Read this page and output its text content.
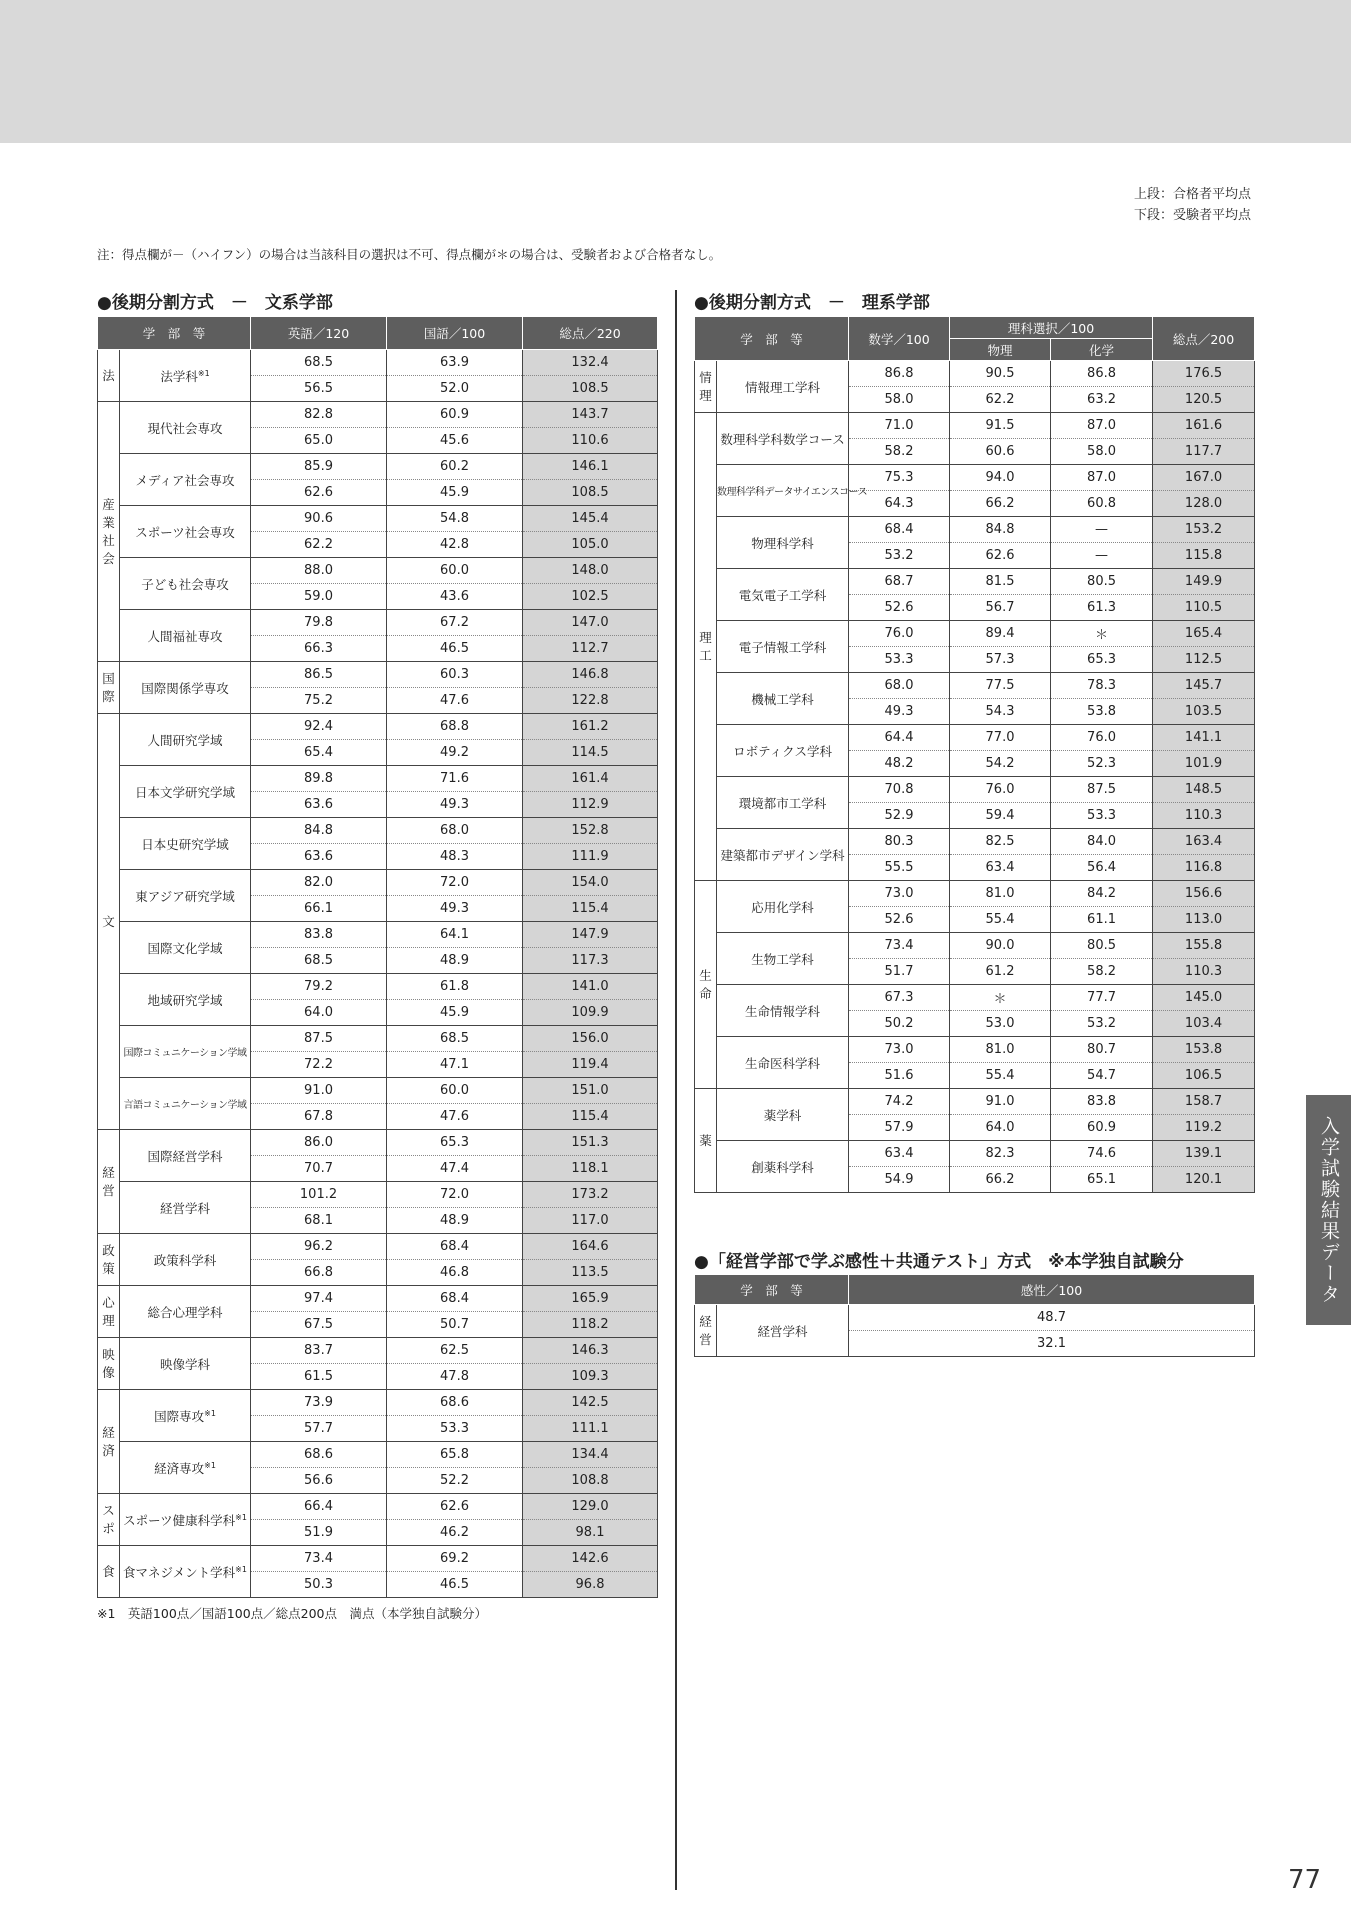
上段：合格者平均点
下段：受験者平均点
注：得点欄が－（ハイフン）の場合は当該科目の選択は不可、得点欄が＊の場合は、受験者および合格者なし。
●後期分割方式　－　文系学部
学　部　等		英語／120	国語／100	総点／220
法	法学科$^{※1}$	68.5	63.9	132.4
		56.5	52.0	108.5
産
業
社
会	現代社会専攻	82.8	60.9	143.7
		65.0	45.6	110.6
	メディア社会専攻	85.9	60.2	146.1
		62.6	45.9	108.5
	スポーツ社会専攻	90.6	54.8	145.4
		62.2	42.8	105.0
	子ども社会専攻	88.0	60.0	148.0
		59.0	43.6	102.5
	人間福祉専攻	79.8	67.2	147.0
		66.3	46.5	112.7
国
際	国際関係学専攻	86.5	60.3	146.8
		75.2	47.6	122.8
文	人間研究学域	92.4	68.8	161.2
		65.4	49.2	114.5
	日本文学研究学域	89.8	71.6	161.4
		63.6	49.3	112.9
	日本史研究学域	84.8	68.0	152.8
		63.6	48.3	111.9
	東アジア研究学域	82.0	72.0	154.0
		66.1	49.3	115.4
	国際文化学域	83.8	64.1	147.9
		68.5	48.9	117.3
	地域研究学域	79.2	61.8	141.0
		64.0	45.9	109.9
	国際コミュニケーション学域	87.5	68.5	156.0
		72.2	47.1	119.4
	言語コミュニケーション学域	91.0	60.0	151.0
		67.8	47.6	115.4
経
営	国際経営学科	86.0	65.3	151.3
		70.7	47.4	118.1
	経営学科	101.2	72.0	173.2
		68.1	48.9	117.0
政
策	政策科学科	96.2	68.4	164.6
		66.8	46.8	113.5
心
理	総合心理学科	97.4	68.4	165.9
		67.5	50.7	118.2
映
像	映像学科	83.7	62.5	146.3
		61.5	47.8	109.3
経
済	国際専攻$^{※1}$	73.9	68.6	142.5
		57.7	53.3	111.1
	経済専攻$^{※1}$	68.6	65.8	134.4
		56.6	52.2	108.8
ス
ポ	スポーツ健康科学科$^{※1}$	66.4	62.6	129.0
		51.9	46.2	98.1
食	食マネジメント学科$^{※1}$	73.4	69.2	142.6
		50.3	46.5	96.8
※1　英語100点／国語100点／総点200点　満点（本学独自試験分）
●後期分割方式　－　理系学部
学　部　等		数学／100	理科選択／100		総点／200
			物理	化学	
情
理	情報理工学科	86.8	90.5	86.8	176.5
		58.0	62.2	63.2	120.5
理
工	数理科学科数学コース	71.0	91.5	87.0	161.6
		58.2	60.6	58.0	117.7
	数理科学科データサイエンスコース	75.3	94.0	87.0	167.0
		64.3	66.2	60.8	128.0
	物理科学科	68.4	84.8	—	153.2
		53.2	62.6	—	115.8
	電気電子工学科	68.7	81.5	80.5	149.9
		52.6	56.7	61.3	110.5
	電子情報工学科	76.0	89.4	＊	165.4
		53.3	57.3	65.3	112.5
	機械工学科	68.0	77.5	78.3	145.7
		49.3	54.3	53.8	103.5
	ロボティクス学科	64.4	77.0	76.0	141.1
		48.2	54.2	52.3	101.9
	環境都市工学科	70.8	76.0	87.5	148.5
		52.9	59.4	53.3	110.3
	建築都市デザイン学科	80.3	82.5	84.0	163.4
		55.5	63.4	56.4	116.8
生
命	応用化学科	73.0	81.0	84.2	156.6
		52.6	55.4	61.1	113.0
	生物工学科	73.4	90.0	80.5	155.8
		51.7	61.2	58.2	110.3
	生命情報学科	67.3	＊	77.7	145.0
		50.2	53.0	53.2	103.4
	生命医科学科	73.0	81.0	80.7	153.8
		51.6	55.4	54.7	106.5
薬	薬学科	74.2	91.0	83.8	158.7
		57.9	64.0	60.9	119.2
	創薬科学科	63.4	82.3	74.6	139.1
		54.9	66.2	65.1	120.1
●「経営学部で学ぶ感性＋共通テスト」方式　※本学独自試験分
学　部　等		感性／100
経
営	経営学科	48.7
		32.1
入学試験結果データ
77
